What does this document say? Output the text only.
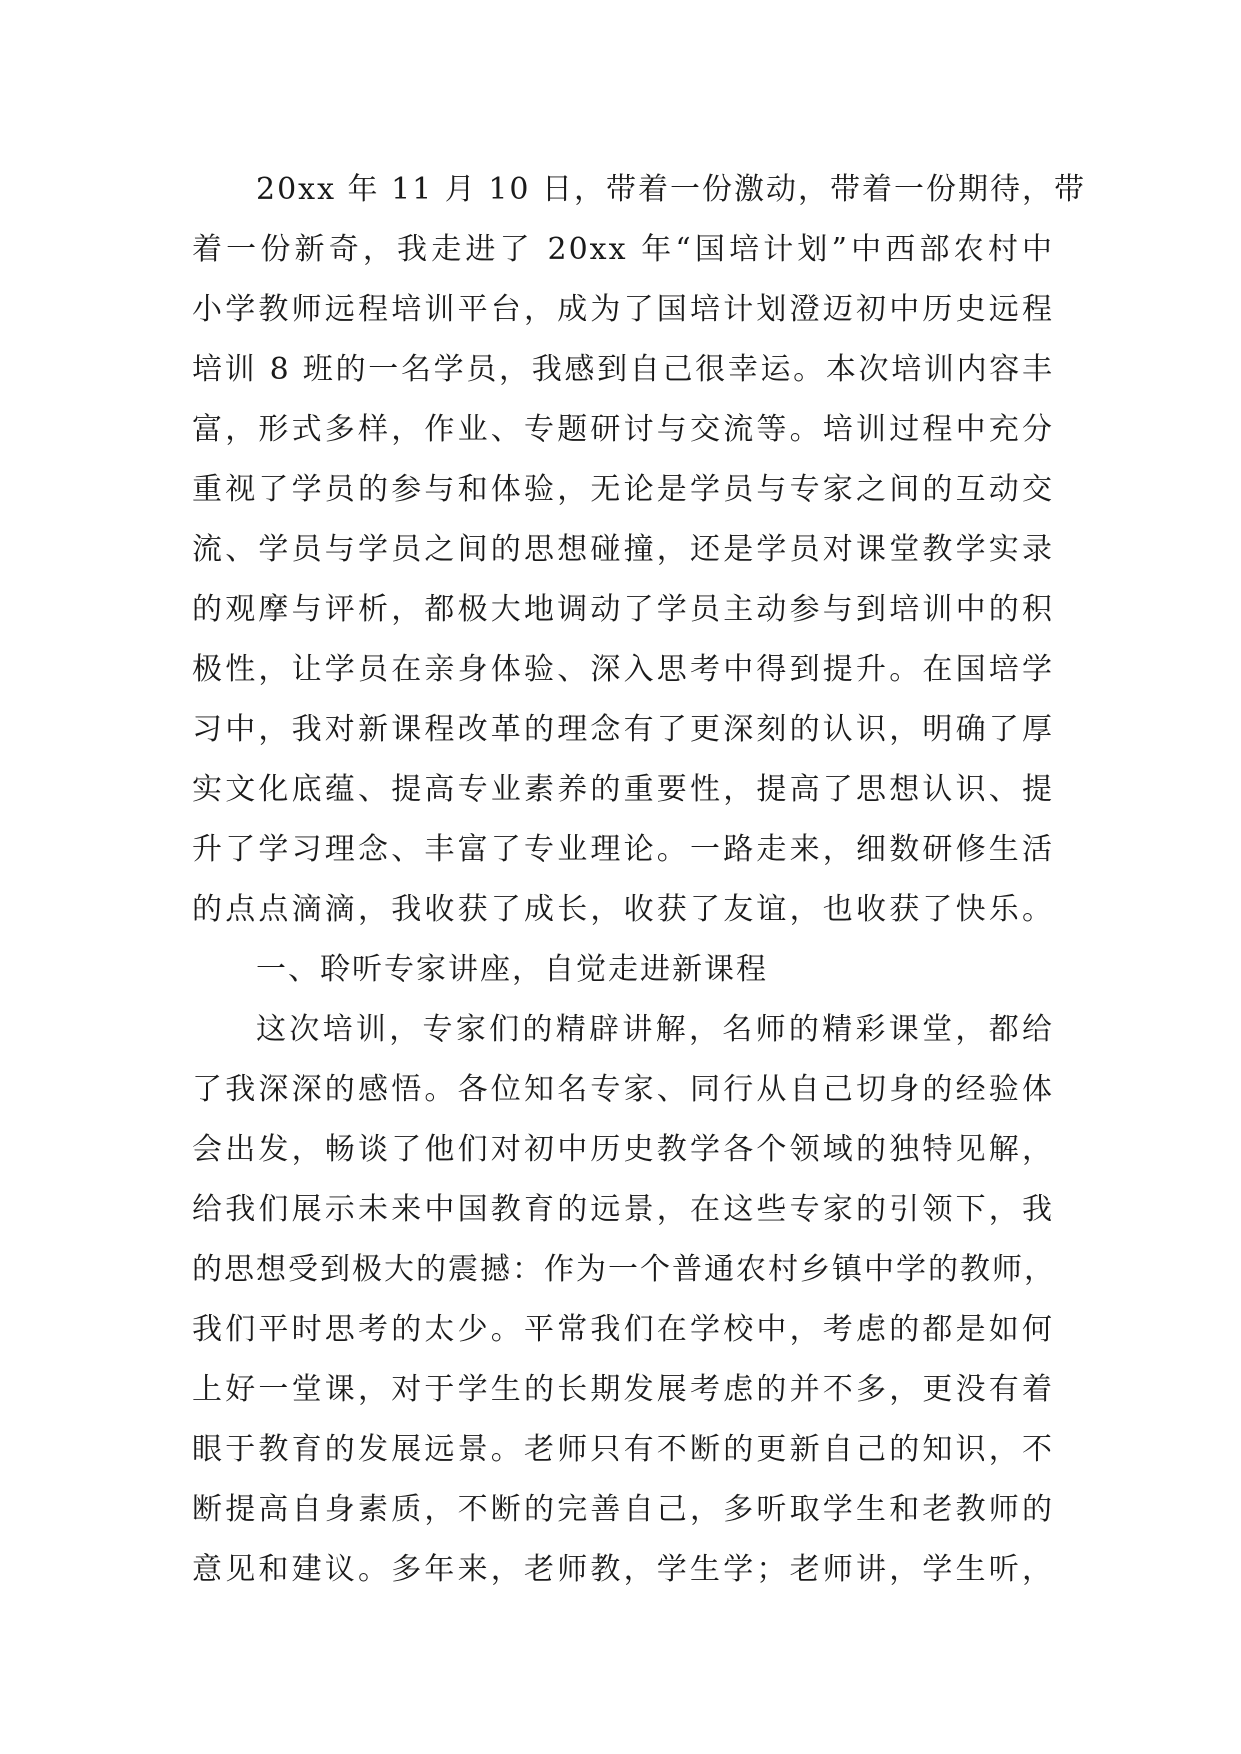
20xx 年 11 月 10 日，带着一份激动，带着一份期待，带
着一份新奇，我走进了 20xx 年“国培计划”中西部农村中
小学教师远程培训平台，成为了国培计划澄迈初中历史远程
培训 8 班的一名学员，我感到自己很幸运。本次培训内容丰
富，形式多样，作业、专题研讨与交流等。培训过程中充分
重视了学员的参与和体验，无论是学员与专家之间的互动交
流、学员与学员之间的思想碰撞，还是学员对课堂教学实录
的观摩与评析，都极大地调动了学员主动参与到培训中的积
极性，让学员在亲身体验、深入思考中得到提升。在国培学
习中，我对新课程改革的理念有了更深刻的认识，明确了厚
实文化底蕴、提高专业素养的重要性，提高了思想认识、提
升了学习理念、丰富了专业理论。一路走来，细数研修生活
的点点滴滴，我收获了成长，收获了友谊，也收获了快乐。
一、聆听专家讲座，自觉走进新课程
这次培训，专家们的精辟讲解，名师的精彩课堂，都给
了我深深的感悟。各位知名专家、同行从自己切身的经验体
会出发，畅谈了他们对初中历史教学各个领域的独特见解，
给我们展示未来中国教育的远景，在这些专家的引领下，我
的思想受到极大的震撼：作为一个普通农村乡镇中学的教师，
我们平时思考的太少。平常我们在学校中，考虑的都是如何
上好一堂课，对于学生的长期发展考虑的并不多，更没有着
眼于教育的发展远景。老师只有不断的更新自己的知识，不
断提高自身素质，不断的完善自己，多听取学生和老教师的
意见和建议。多年来，老师教，学生学；老师讲，学生听，
